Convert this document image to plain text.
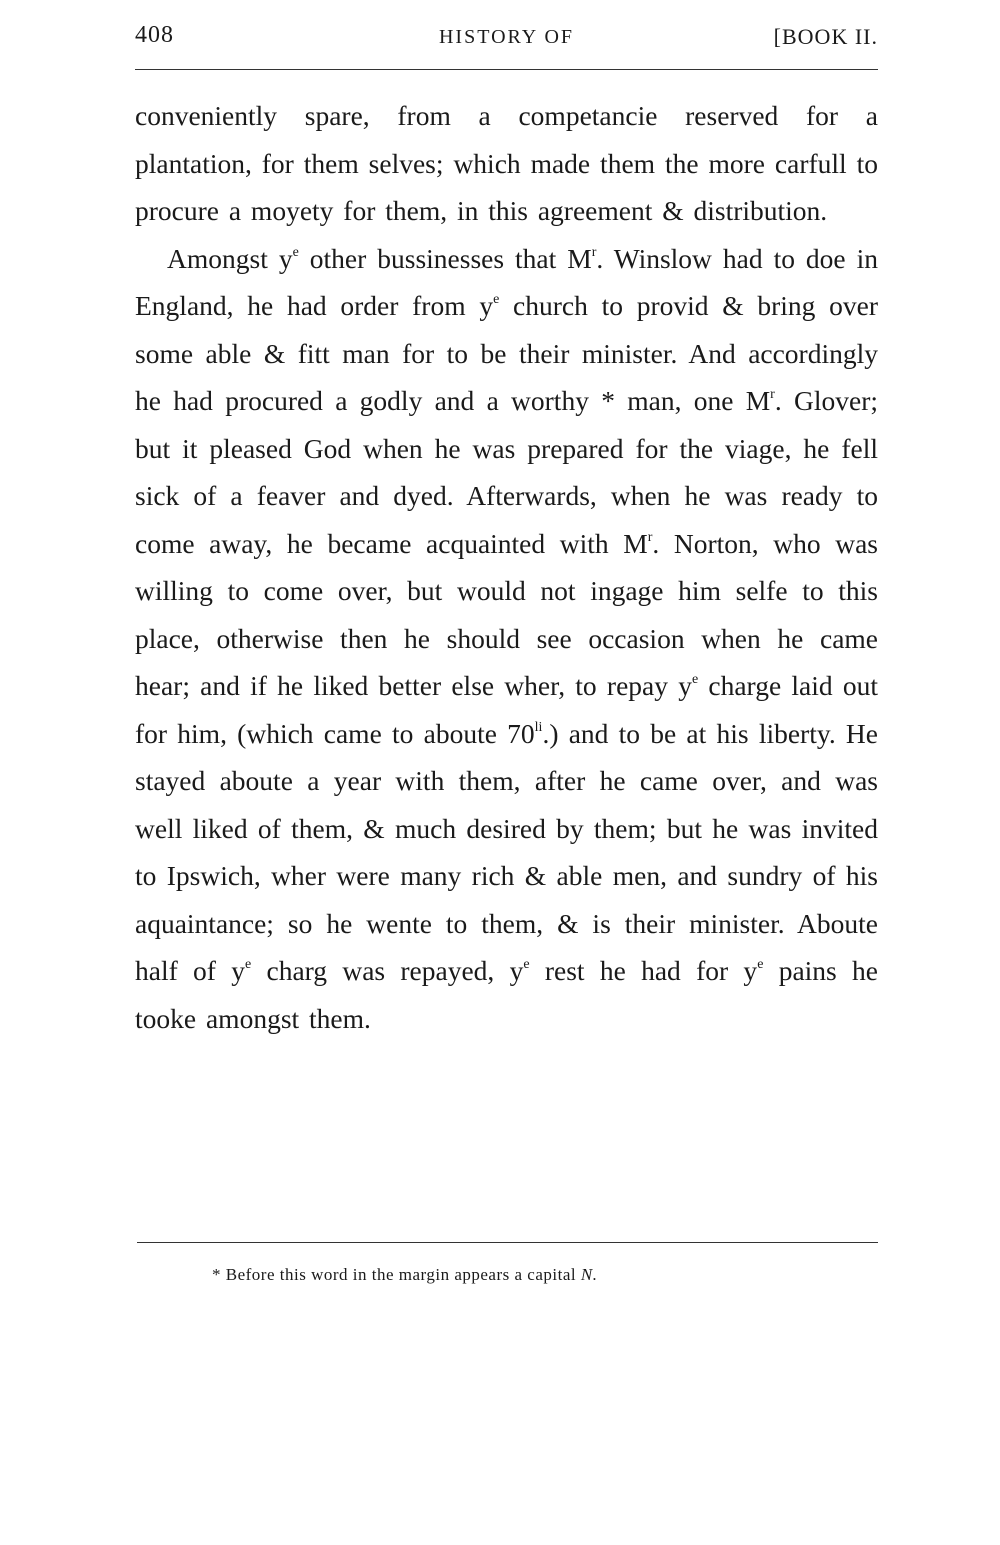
408	HISTORY OF	[BOOK II.

conveniently spare, from a competancie reserved for a plantation, for them selves; which made them the more carfull to procure a moyety for them, in this agreement & distribution.

Amongst $y^e$ other bussinesses that $M^r$. Winslow had to doe in England, he had order from $y^e$ church to provid & bring over some able & fitt man for to be their minister. And accordingly he had procured a godly and a worthy * man, one $M^r$. Glover; but it pleased God when he was prepared for the viage, he fell sick of a feaver and dyed. Afterwards, when he was ready to come away, he became acquainted with $M^r$. Norton, who was willing to come over, but would not ingage him selfe to this place, otherwise then he should see occasion when he came hear; and if he liked better else wher, to repay $y^e$ charge laid out for him, (which came to aboute $70^{li}$.) and to be at his liberty. He stayed aboute a year with them, after he came over, and was well liked of them, & much desired by them; but he was invited to Ipswich, wher were many rich & able men, and sundry of his aquaintance; so he wente to them, & is their minister. Aboute half of $y^e$ charg was repayed, $y^e$ rest he had for $y^e$ pains he tooke amongst them.

* Before this word in the margin appears a capital N.
